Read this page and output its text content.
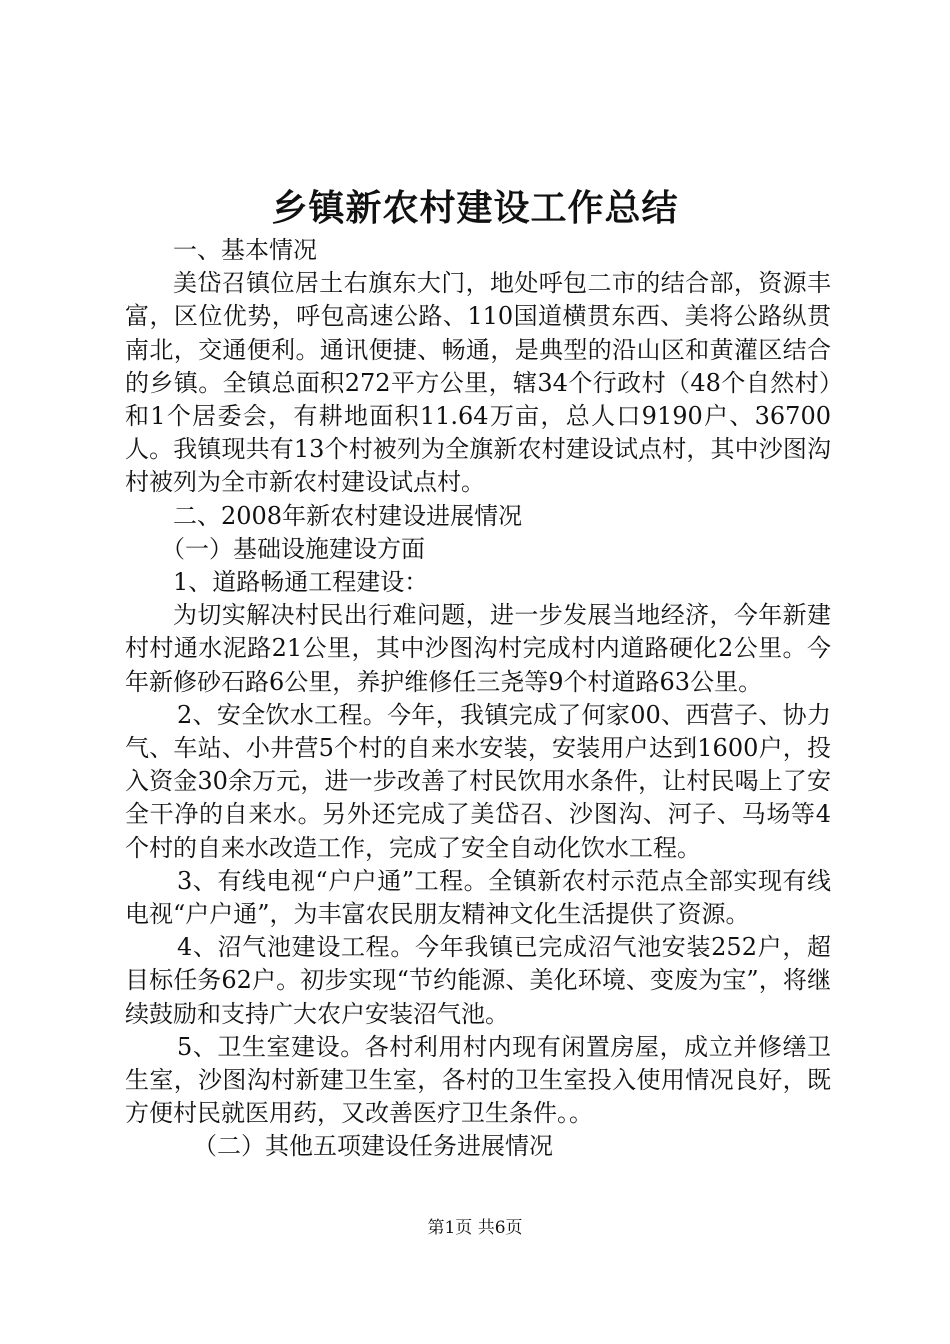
乡镇新农村建设工作总结

一、基本情况

美岱召镇位居土右旗东大门，地处呼包二市的结合部，资源丰富，区位优势，呼包高速公路、110国道横贯东西、美将公路纵贯南北，交通便利。通讯便捷、畅通，是典型的沿山区和黄灌区结合的乡镇。全镇总面积272平方公里，辖34个行政村（48个自然村）和1个居委会，有耕地面积11.64万亩，总人口9190户、36700人。我镇现共有13个村被列为全旗新农村建设试点村，其中沙图沟村被列为全市新农村建设试点村。

二、2008年新农村建设进展情况

（一）基础设施建设方面

1、道路畅通工程建设：

为切实解决村民出行难问题，进一步发展当地经济，今年新建村村通水泥路21公里，其中沙图沟村完成村内道路硬化2公里。今年新修砂石路6公里，养护维修任三尧等9个村道路63公里。

2、安全饮水工程。今年，我镇完成了何家00、西营子、协力气、车站、小井营5个村的自来水安装，安装用户达到1600户，投入资金30余万元，进一步改善了村民饮用水条件，让村民喝上了安全干净的自来水。另外还完成了美岱召、沙图沟、河子、马场等4个村的自来水改造工作，完成了安全自动化饮水工程。

3、有线电视“户户通”工程。全镇新农村示范点全部实现有线电视“户户通”，为丰富农民朋友精神文化生活提供了资源。

4、沼气池建设工程。今年我镇已完成沼气池安装252户，超目标任务62户。初步实现“节约能源、美化环境、变废为宝”，将继续鼓励和支持广大农户安装沼气池。

5、卫生室建设。各村利用村内现有闲置房屋，成立并修缮卫生室，沙图沟村新建卫生室，各村的卫生室投入使用情况良好，既方便村民就医用药，又改善医疗卫生条件。。

（二）其他五项建设任务进展情况

第1页 共6页
